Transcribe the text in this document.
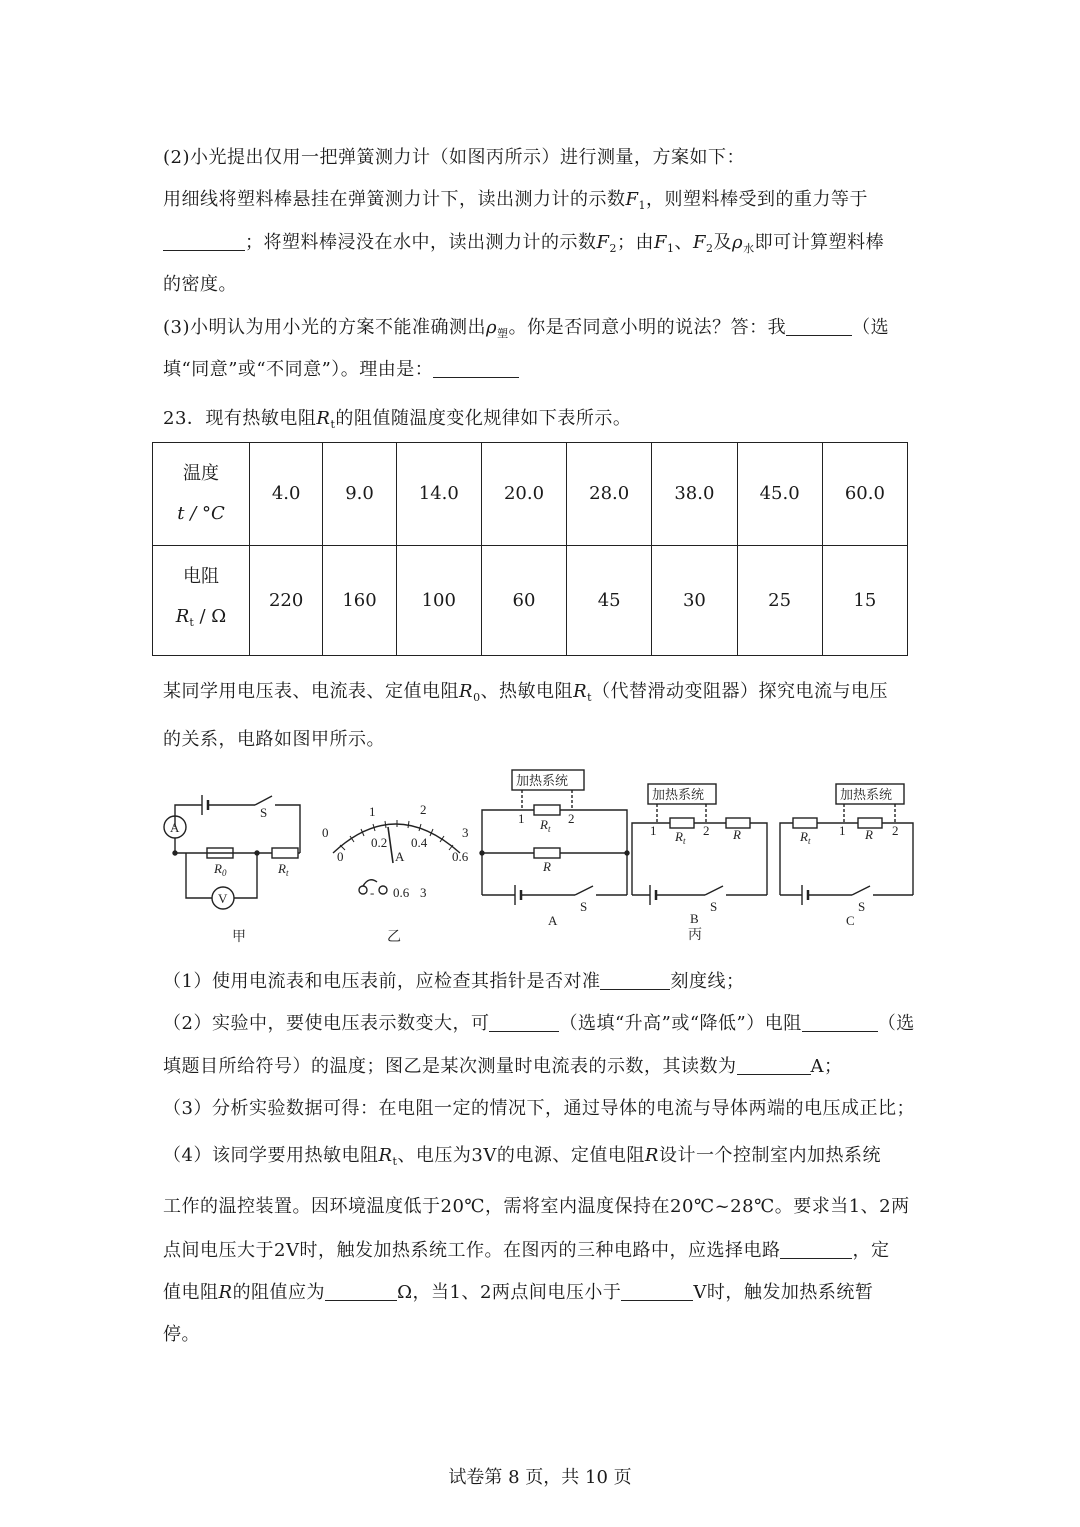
(2)小光提出仅用一把弹簧测力计（如图丙所示）进行测量，方案如下：
用细线将塑料棒悬挂在弹簧测力计下，读出测力计的示数$F_1$，则塑料棒受到的重力等于
；将塑料棒浸没在水中，读出测力计的示数$F_2$；由$F_1$、$F_2$及$\rho_水$即可计算塑料棒
的密度。
(3)小明认为用小光的方案不能准确测出$\rho_塑$。你是否同意小明的说法？答：我	（选
填“同意”或“不同意”）。理由是：
23．现有热敏电阻$R_t$的阻值随温度变化规律如下表所示。
温度
t / °C	4.0	9.0	14.0	20.0	28.0	38.0	45.0	60.0

电阻
$R_t$ / Ω	220	160	100	60	45	30	25	15
某同学用电压表、电流表、定值电阻$R_0$、热敏电阻$R_t$（代替滑动变阻器）探究电流与电压
的关系，电路如图甲所示。
A
V
S
$R_0$	$R_t$
甲
0
1	2
3
0
0.2 0.4
0.6
A
- 0.6 3
乙
加热系统
1	2
$R_t$
R
S
A
加热系统
1	2
$R_t$	R
S
B
丙
加热系统
1	2
$R_t$	R
S
C
（1）使用电流表和电压表前，应检查其指针是否对准	刻度线；
（2）实验中，要使电压表示数变大，可	（选填“升高”或“降低”）电阻	（选
填题目所给符号）的温度；图乙是某次测量时电流表的示数，其读数为	A；
（3）分析实验数据可得：在电阻一定的情况下，通过导体的电流与导体两端的电压成正比；
（4）该同学要用热敏电阻$R_t$、电压为3V的电源、定值电阻R设计一个控制室内加热系统
工作的温控装置。因环境温度低于20℃，需将室内温度保持在20℃~28℃。要求当1、2两
点间电压大于2V时，触发加热系统工作。在图丙的三种电路中，应选择电路	，定
值电阻R的阻值应为	Ω，当1、2两点间电压小于	V时，触发加热系统暂
停。
试卷第 8 页，共 10 页
